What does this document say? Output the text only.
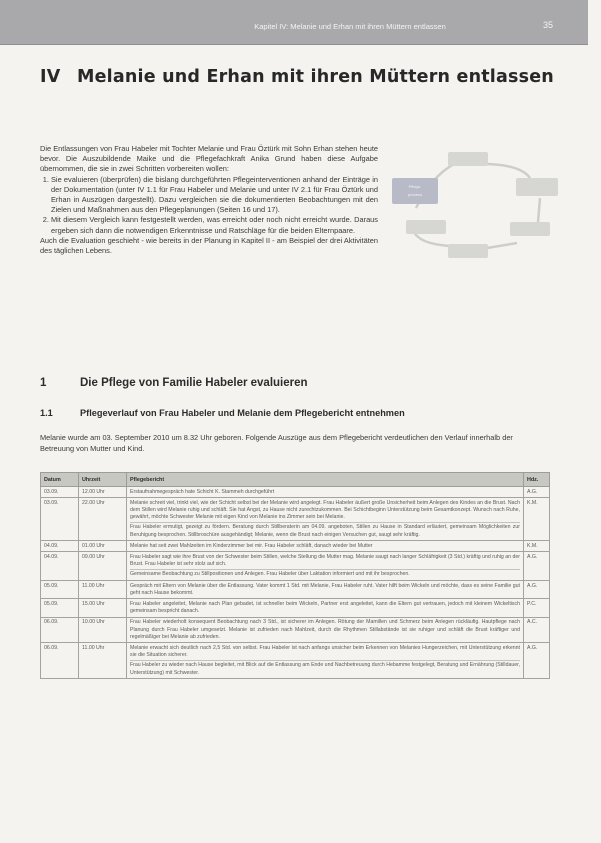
Kapitel IV: Melanie und Erhan mit ihren Müttern entlassen	35
IV Melanie und Erhan mit ihren Müttern entlassen

Die Entlassungen von Frau Habeler mit Tochter Melanie und Frau Öztürk mit Sohn Erhan stehen heute bevor. Die Auszubildende Maike und die Pflegefachkraft Anika Grund haben diese Aufgabe übernommen, die sie in zwei Schritten vorbereiten wollen:

1. Sie evaluieren (überprüfen) die bislang durchgeführten Pflegeinterventionen anhand der Einträge in der Dokumentation (unter IV 1.1 für Frau Habeler und Melanie und unter IV 2.1 für Frau Öztürk und Erhan in Auszügen dargestellt). Dazu vergleichen sie die dokumentierten Beobachtungen mit den Zielen und Maßnahmen aus den Pflegeplanungen (Seiten 16 und 17).
2. Mit diesem Vergleich kann festgestellt werden, was erreicht oder noch nicht erreicht wurde. Daraus ergeben sich dann die notwendigen Erkenntnisse und Ratschläge für die beiden Elternpaare.

Auch die Evaluation geschieht - wie bereits in der Planung in Kapitel II - am Beispiel der drei Aktivitäten des täglichen Lebens.

Pflege-
prozess
1	Die Pflege von Familie Habeler evaluieren
1.1	Pflegeverlauf von Frau Habeler und Melanie dem Pflegebericht entnehmen

Melanie wurde am 03. September 2010 um 8.32 Uhr geboren. Folgende Auszüge aus dem Pflegebericht verdeutlichen den Verlauf innerhalb der Betreuung von Mutter und Kind.

Datum	Uhrzeit	Pflegebericht	Hdz.
03.09.	12.00 Uhr	Erstaufnahmegespräch hate Schicht K. Stammeh durchgeführt	A.G.
03.09.	22.00 Uhr	Melanie schreit viel, trinkt viel, wie der Schicht selbst bei der Melanie wird angelegt. Frau Habeler äußert große Unsicherheit beim Anlegen des Kindes an die Brust. Nach dem Stillen wird Melanie ruhig und schläft. Sie hat Angst, zu Hause nicht zurechtzukommen. Bei Schichtbeginn Unterstützung beim Gesamtkonzept. Wunsch nach Ruhe, gewährt, möchte Schwester Melanie mit eigen Kind von Melanie ins Zimmer sein bei Melanie.
Frau Habeler ermutigt, gezeigt zu fördern. Beratung durch Stillberaterin am 04.09. angeboten, Stillen zu Hause in Standard erläutert, gemeinsam Möglichkeiten zur Beruhigung besprochen. Stillbroschüre ausgehändigt; Melanie, wenn die Brust nach einigen Versuchen gut, saugt sehr kräftig.	K.M.
04.09.	01.00 Uhr	Melanie hat seit zwei Mahlzeiten im Kinderzimmer bei mir. Frau Habeler schläft, danach wieder bei Mutter	K.M.
04.09.	09.00 Uhr	Frau Habeler sagt wie ihre Brust von der Schwester beim Stillen, welche Stellung die Mutter mag. Melanie saugt nach langer Schläfrigkeit (3 Std.) kräftig und ruhig an der Brust. Frau Habeler ist sehr stolz auf sich.
Gemeinsame Beobachtung zu Stillpositionen und Anlegen. Frau Habeler über Laktation informiert und mit ihr besprochen.	A.G.
05.09.	11.00 Uhr	Gespräch mit Eltern von Melanie über die Entlassung. Vater kommt 1 Std. mit Melanie, Frau Habeler ruht. Vater hilft beim Wickeln und möchte, dass es seine Familie gut geht nach Hause bekommt.	A.G.
05.09.	15.00 Uhr	Frau Habeler angeleitet, Melanie nach Plan gebadet, ist schneller beim Wickeln, Partner erst angeleitet, kann die Eltern gut vertrauen, jedoch mit kleinem Wickeltisch gemeinsam bespricht danach.	P.C.
06.09.	10.00 Uhr	Frau Habeler wiederholt konsequent Beobachtung nach 3 Std., ist sicherer im Anlegen. Rötung der Mamillen und Schmerz beim Anlegen rückläufig. Hautpflege nach Planung durch Frau Habeler umgesetzt. Melanie ist zufrieden nach Mahlzeit, durch die Rhythmen Stillabstände ist sie ruhiger und schläft die Brust kräftiger und regelmäßiger bei Melanie ab zufrieden.	A.C.
06.09.	11.00 Uhr	Melanie erwacht sich deutlich nach 2,5 Std. von selbst. Frau Habeler ist nach anfangs unsicher beim Erkennen von Melanies Hungerzeichen, mit Unterstützung erkennt sie die Situation sicherer.
Frau Habeler zu wieder nach Hause begleitet, mit Blick auf die Entlassung am Ende und Nachbetreuung durch Hebamme festgelegt, Beratung und Ernährung (Stilldauer, Unterstützung) mit Schwester.	A.G.
